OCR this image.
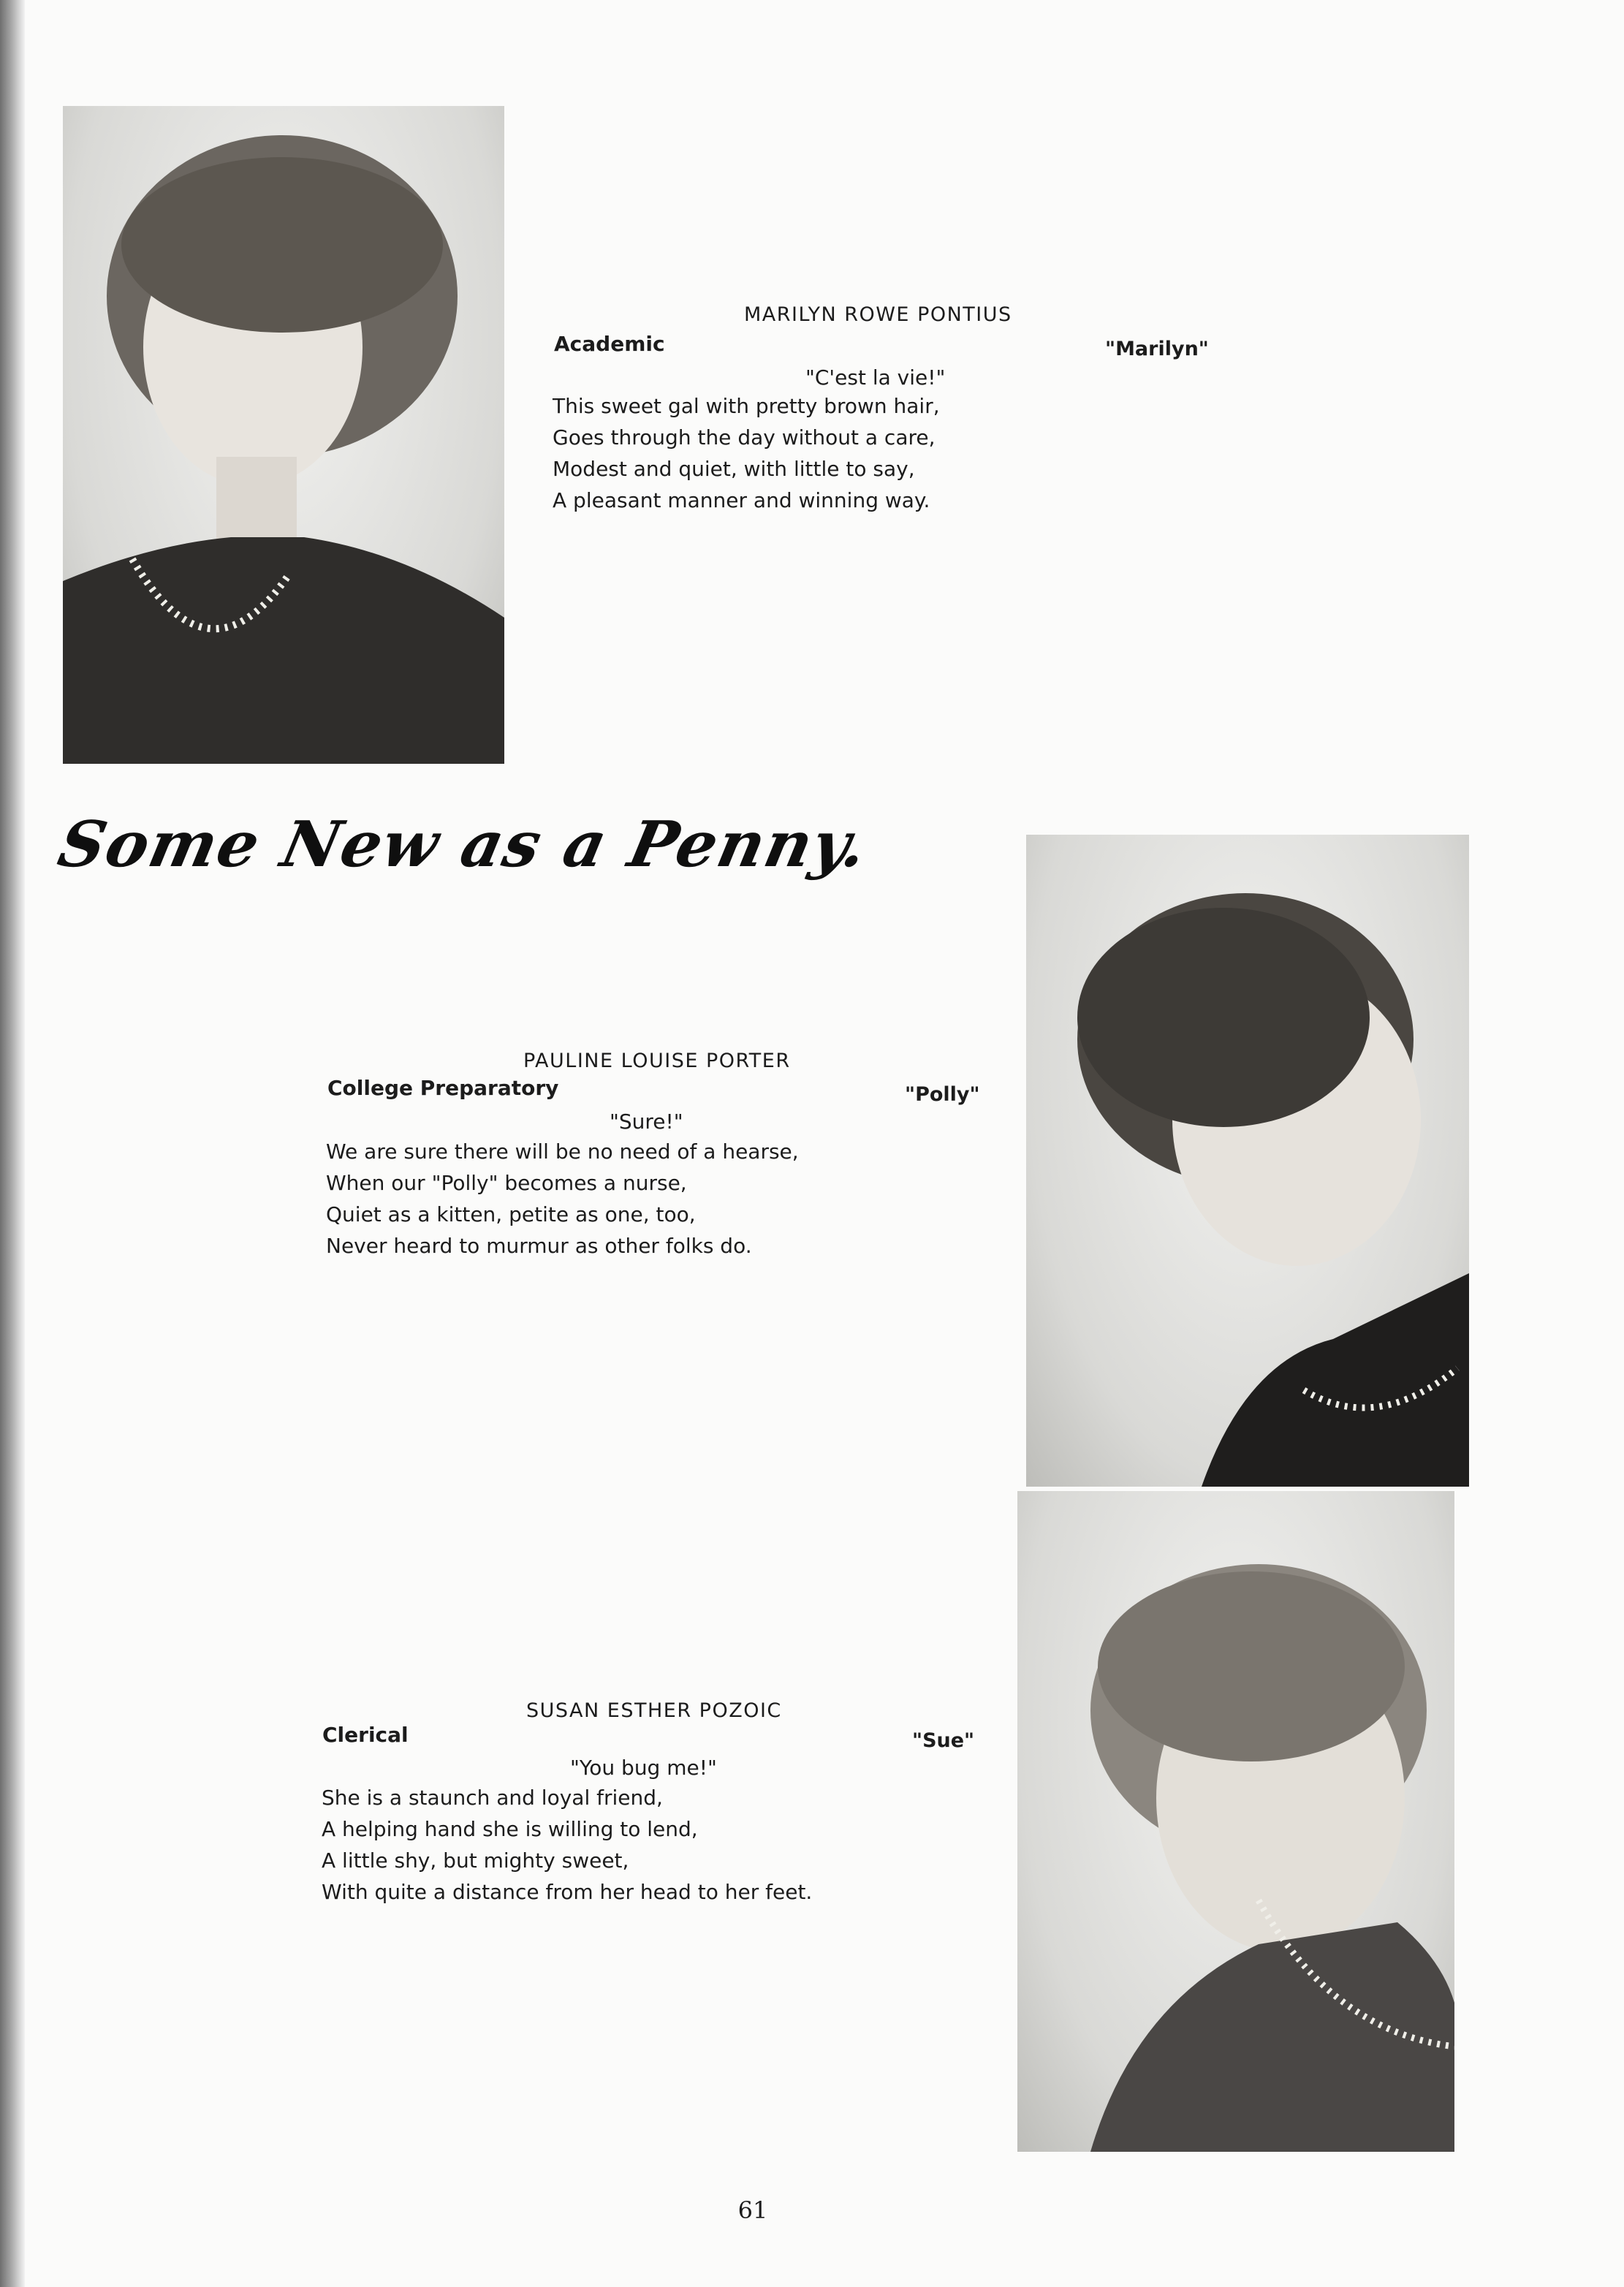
MARILYN ROWE PONTIUS
Academic	"Marilyn"
"C'est la vie!"
This sweet gal with pretty brown hair,
Goes through the day without a care,
Modest and quiet, with little to say,
A pleasant manner and winning way.
Some New as a Penny.
PAULINE LOUISE PORTER
College Preparatory	"Polly"
"Sure!"
We are sure there will be no need of a hearse,
When our "Polly" becomes a nurse,
Quiet as a kitten, petite as one, too,
Never heard to murmur as other folks do.
SUSAN ESTHER POZOIC
Clerical	"Sue"
"You bug me!"
She is a staunch and loyal friend,
A helping hand she is willing to lend,
A little shy, but mighty sweet,
With quite a distance from her head to her feet.
61
